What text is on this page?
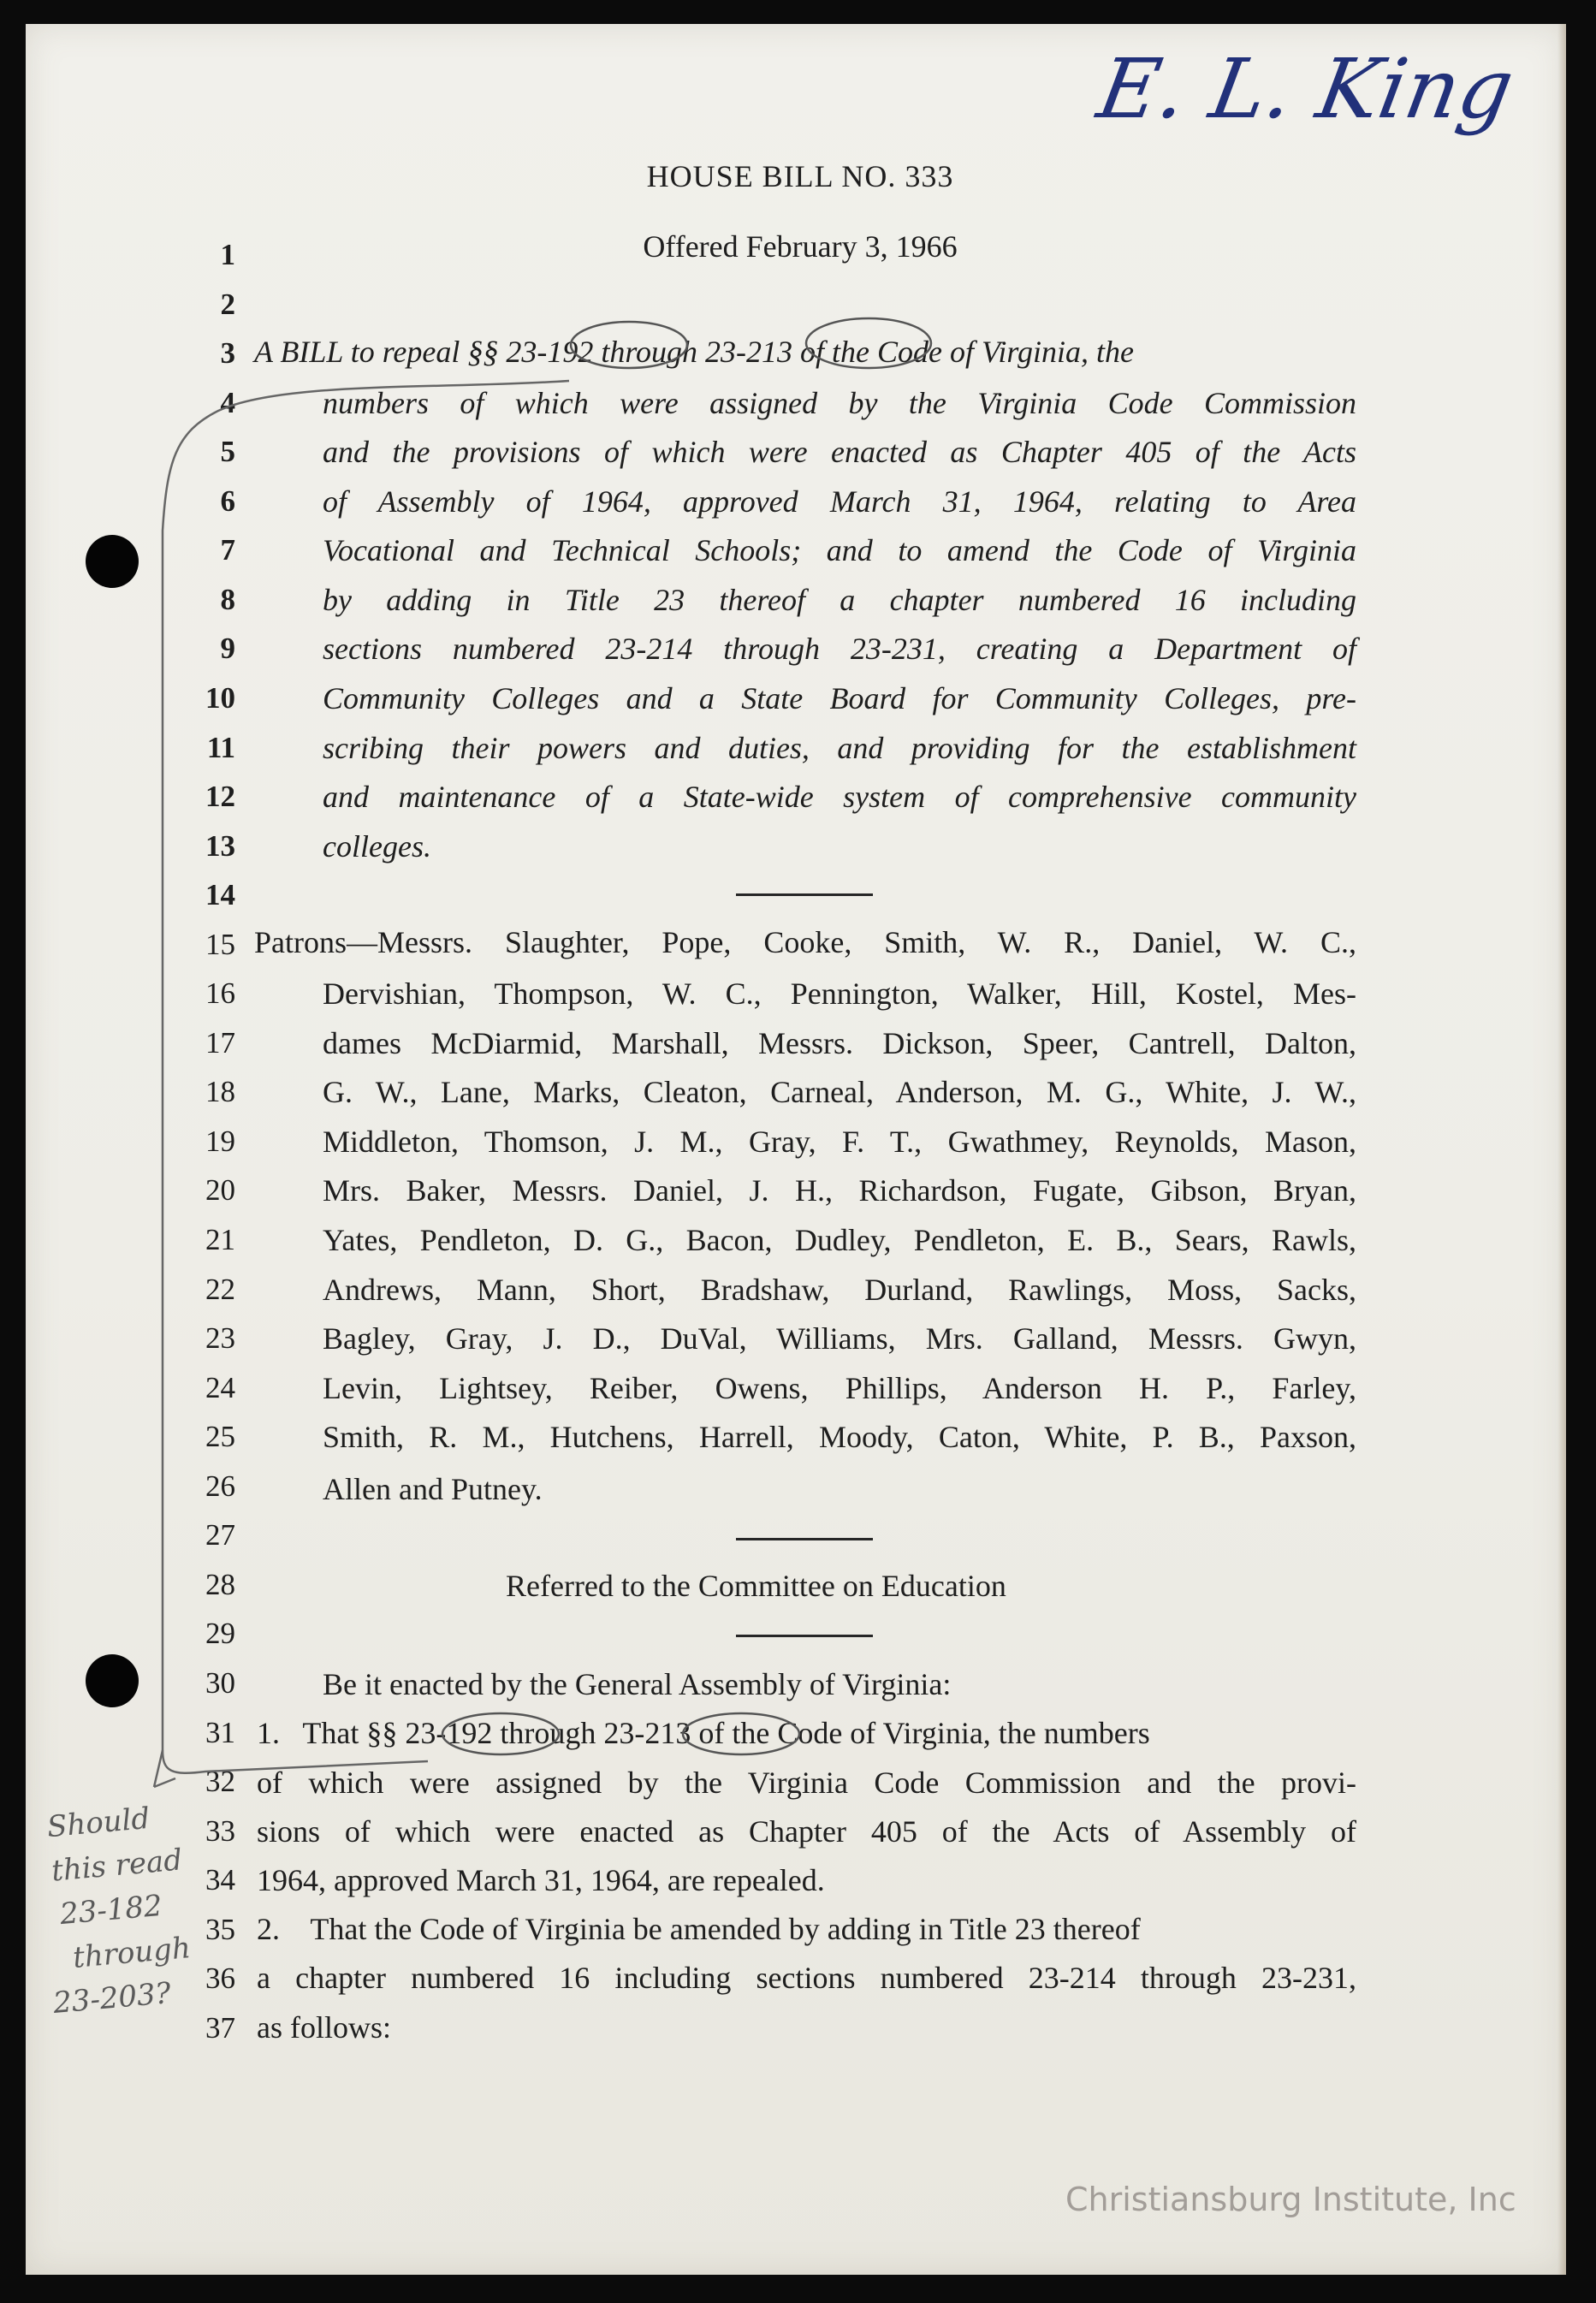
E. L. King
HOUSE BILL NO. 333
Offered February 3, 1966
1
2
3
4
5
6
7
8
9
10
11
12
13
14
15
16
17
18
19
20
21
22
23
24
25
26
27
28
29
30
31
32
33
34
35
36
37
A BILL to repeal §§ 23-192 through 23-213 of the Code of Virginia, the
numbers of which were assigned by the Virginia Code Commission
and the provisions of which were enacted as Chapter 405 of the Acts
of Assembly of 1964, approved March 31, 1964, relating to Area
Vocational and Technical Schools; and to amend the Code of Virginia
by adding in Title 23 thereof a chapter numbered 16 including
sections numbered 23-214 through 23-231, creating a Department of
Community Colleges and a State Board for Community Colleges, pre-
scribing their powers and duties, and providing for the establishment
and maintenance of a State-wide system of comprehensive community
colleges.
Patrons—Messrs. Slaughter, Pope, Cooke, Smith, W. R., Daniel, W. C.,
Dervishian, Thompson, W. C., Pennington, Walker, Hill, Kostel, Mes-
dames McDiarmid, Marshall, Messrs. Dickson, Speer, Cantrell, Dalton,
G. W., Lane, Marks, Cleaton, Carneal, Anderson, M. G., White, J. W.,
Middleton, Thomson, J. M., Gray, F. T., Gwathmey, Reynolds, Mason,
Mrs. Baker, Messrs. Daniel, J. H., Richardson, Fugate, Gibson, Bryan,
Yates, Pendleton, D. G., Bacon, Dudley, Pendleton, E. B., Sears, Rawls,
Andrews, Mann, Short, Bradshaw, Durland, Rawlings, Moss, Sacks,
Bagley, Gray, J. D., DuVal, Williams, Mrs. Galland, Messrs. Gwyn,
Levin, Lightsey, Reiber, Owens, Phillips, Anderson H. P., Farley,
Smith, R. M., Hutchens, Harrell, Moody, Caton, White, P. B., Paxson,
Allen and Putney.
Referred to the Committee on Education
Be it enacted by the General Assembly of Virginia:
1. That §§ 23-192 through 23-213 of the Code of Virginia, the numbers
of which were assigned by the Virginia Code Commission and the provi-
sions of which were enacted as Chapter 405 of the Acts of Assembly of
1964, approved March 31, 1964, are repealed.
2. That the Code of Virginia be amended by adding in Title 23 thereof
a chapter numbered 16 including sections numbered 23-214 through 23-231,
as follows:
Should
this read
23-182
through
23-203?
Christiansburg Institute, Inc
